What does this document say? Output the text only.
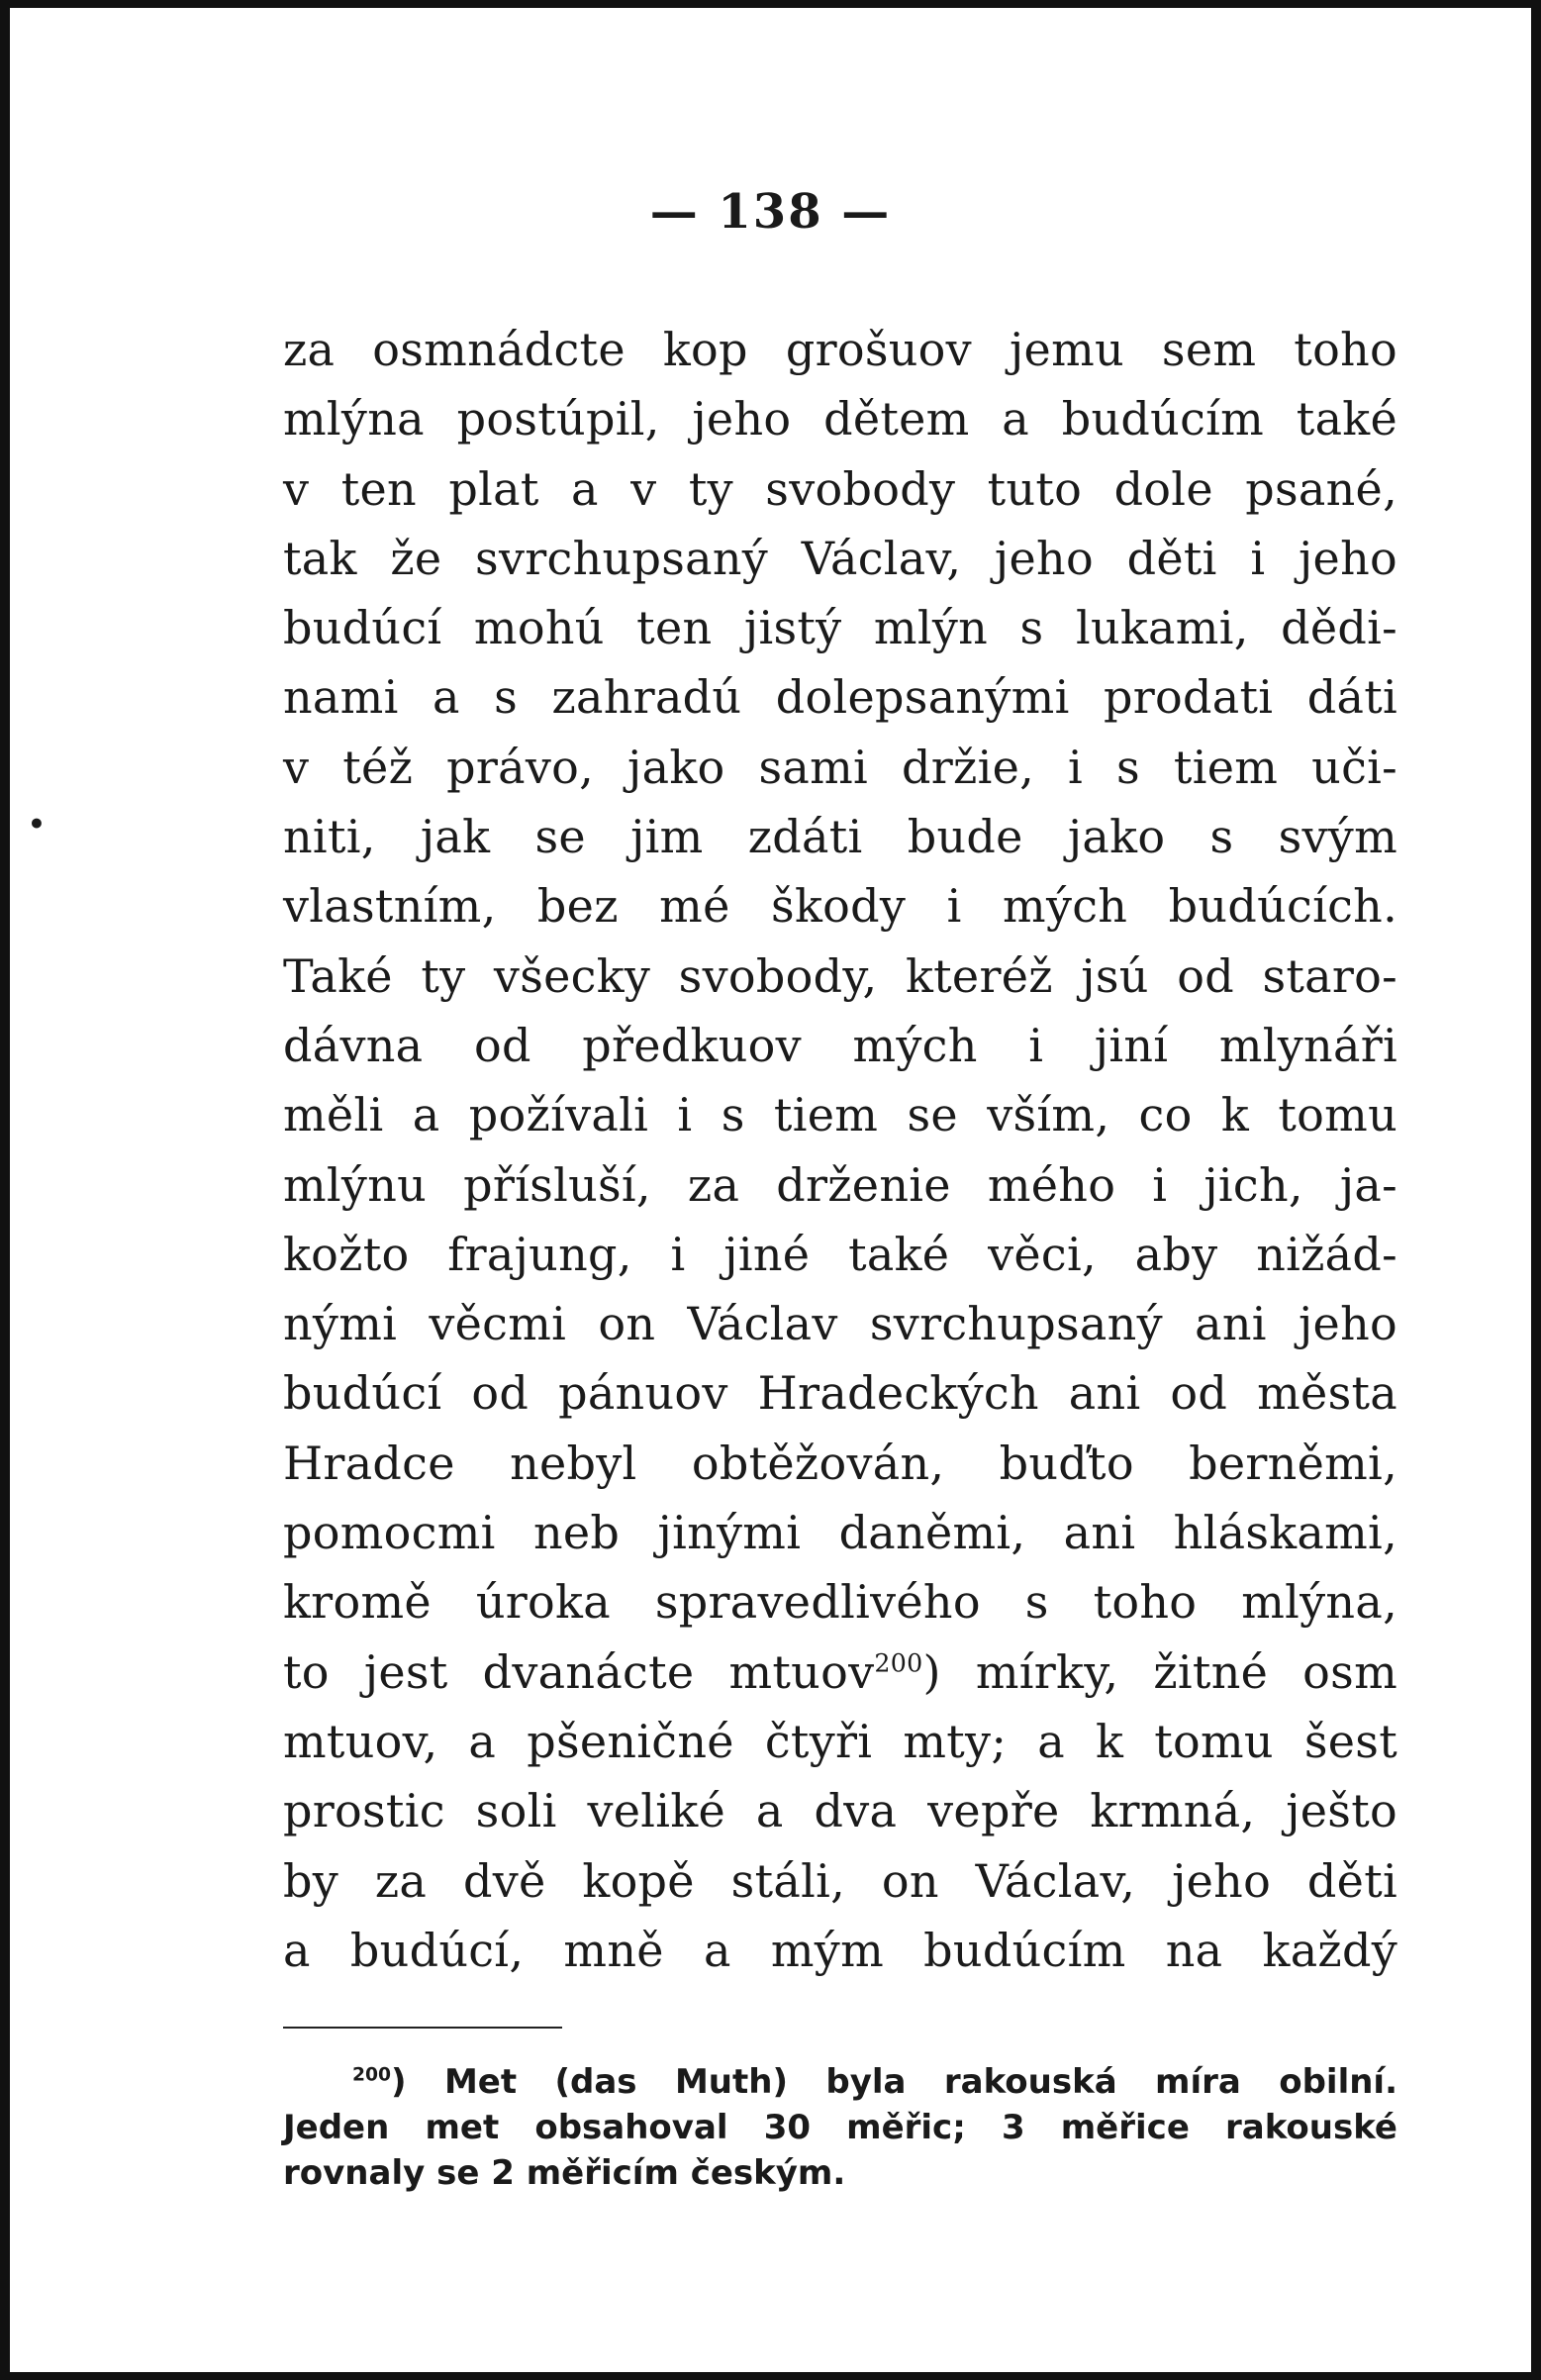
— 138 —
•
za osmnádcte kop grošuov jemu sem toho
mlýna postúpil, jeho dětem a budúcím také
v ten plat a v ty svobody tuto dole psané,
tak že svrchupsaný Václav, jeho děti i jeho
budúcí mohú ten jistý mlýn s lukami, dědi-
nami a s zahradú dolepsanými prodati dáti
v též právo, jako sami držie, i s tiem uči-
niti, jak se jim zdáti bude jako s svým
vlastním, bez mé škody i mých budúcích.
Také ty všecky svobody, kteréž jsú od staro-
dávna od předkuov mých i jiní mlynáři
měli a požívali i s tiem se vším, co k tomu
mlýnu přísluší, za drženie mého i jich, ja-
kožto frajung, i jiné také věci, aby nižád-
nými věcmi on Václav svrchupsaný ani jeho
budúcí od pánuov Hradeckých ani od města
Hradce nebyl obtěžován, buďto berněmi,
pomocmi neb jinými daněmi, ani hláskami,
kromě úroka spravedlivého s toho mlýna,
to jest dvanácte mtuov$^{200}$) mírky, žitné osm
mtuov, a pšeničné čtyři mty; a k tomu šest
prostic soli veliké a dva vepře krmná, ješto
by za dvě kopě stáli, on Václav, jeho děti
a budúcí, mně a mým budúcím na každý
$^{200}$) Met (das Muth) byla rakouská míra obilní.
Jeden met obsahoval 30 měřic; 3 měřice rakouské
rovnaly se 2 měřicím českým.
